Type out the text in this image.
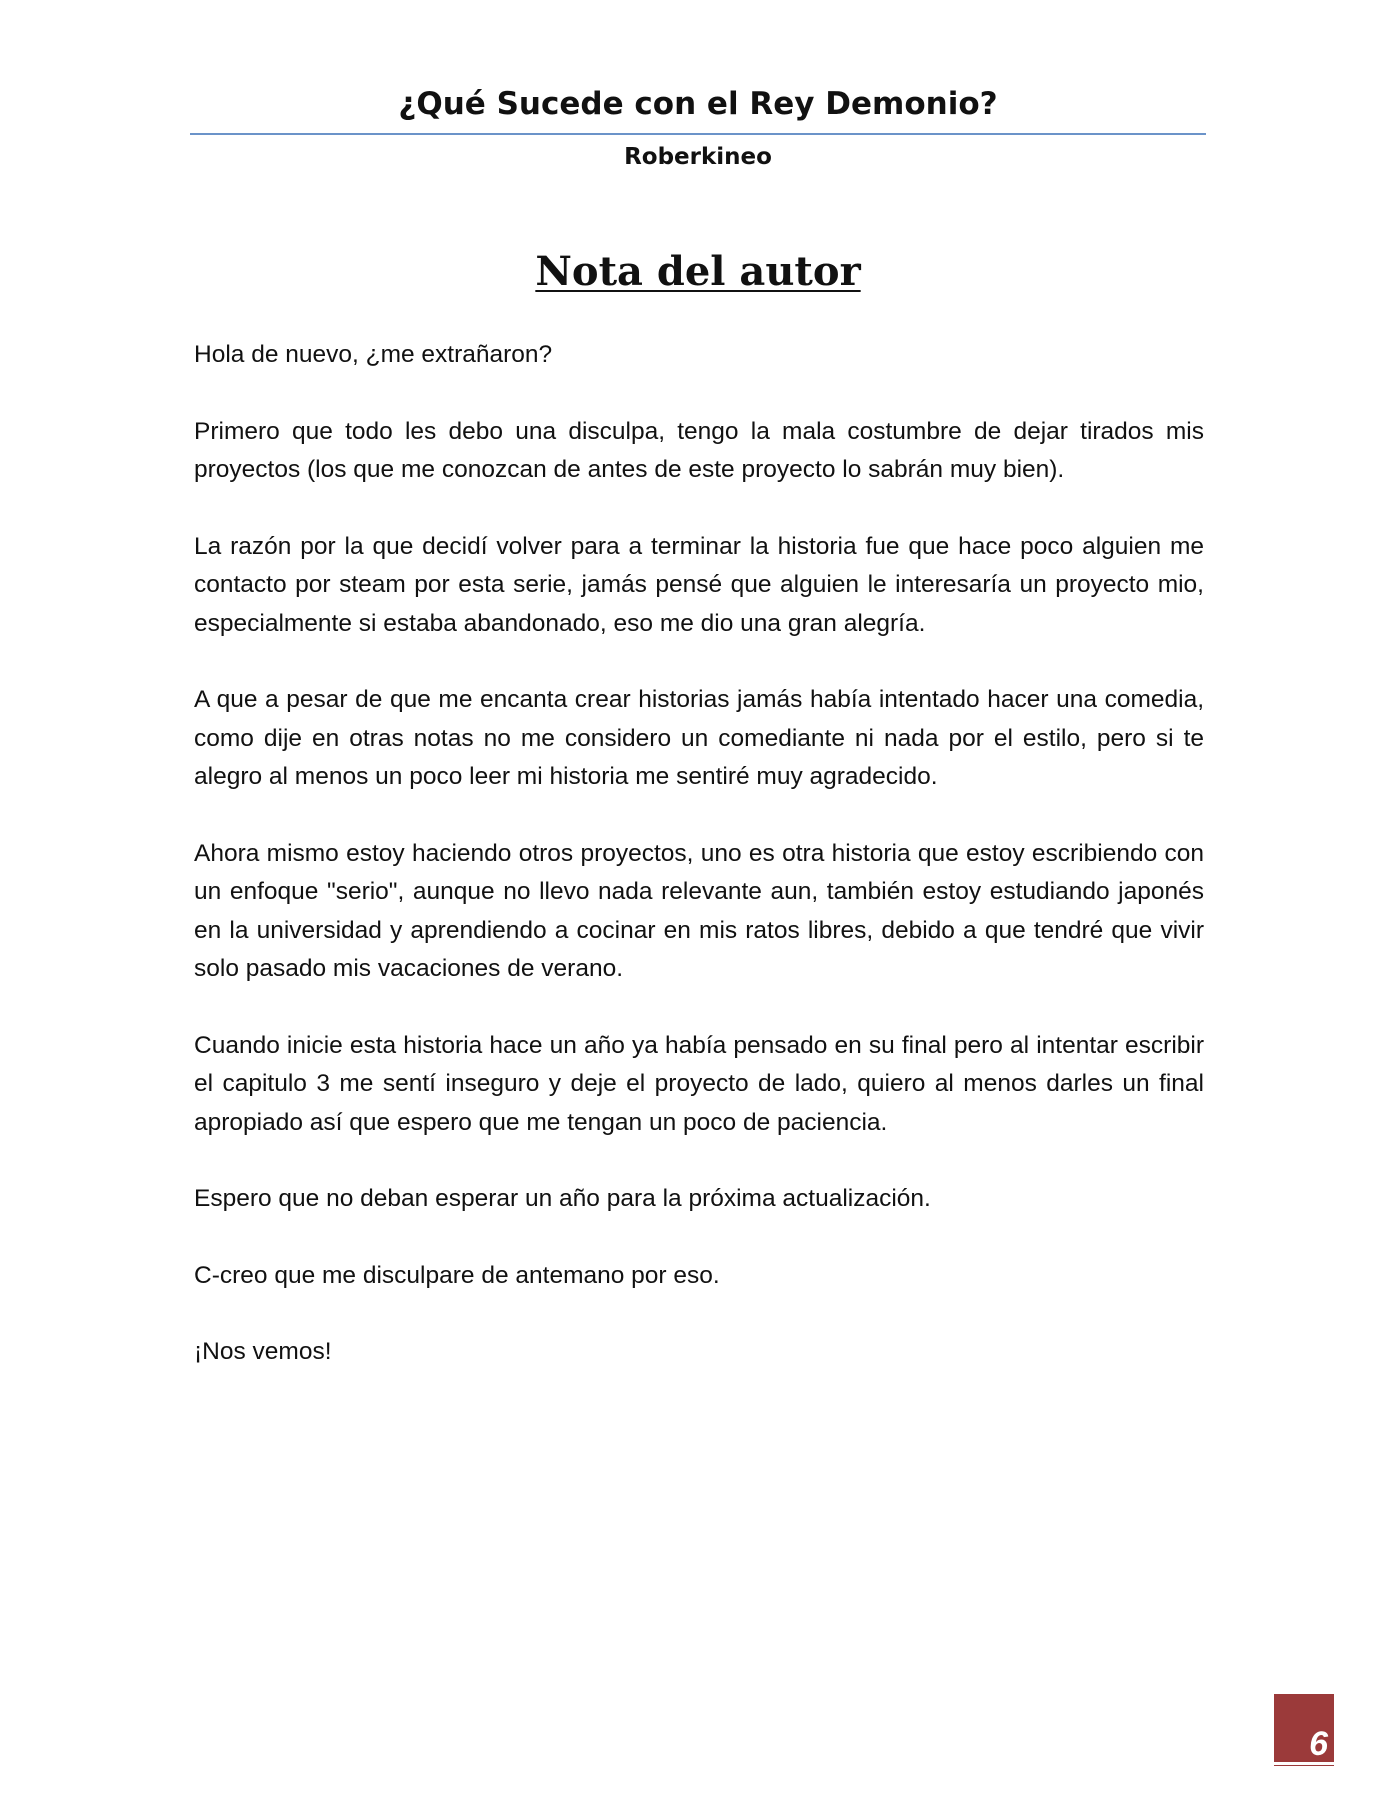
¿Qué Sucede con el Rey Demonio?
Roberkineo
Nota del autor

Hola de nuevo, ¿me extrañaron?

Primero que todo les debo una disculpa, tengo la mala costumbre de dejar tirados mis proyectos (los que me conozcan de antes de este proyecto lo sabrán muy bien).

La razón por la que decidí volver para a terminar la historia fue que hace poco alguien me contacto por steam por esta serie, jamás pensé que alguien le interesaría un proyecto mio, especialmente si estaba abandonado, eso me dio una gran alegría.

A que a pesar de que me encanta crear historias jamás había intentado hacer una comedia, como dije en otras notas no me considero un comediante ni nada por el estilo, pero si te alegro al menos un poco leer mi historia me sentiré muy agradecido.

Ahora mismo estoy haciendo otros proyectos, uno es otra historia que estoy escribiendo con un enfoque "serio", aunque no llevo nada relevante aun, también estoy estudiando japonés en la universidad y aprendiendo a cocinar en mis ratos libres, debido a que tendré que vivir solo pasado mis vacaciones de verano.

Cuando inicie esta historia hace un año ya había pensado en su final pero al intentar escribir el capitulo 3 me sentí inseguro y deje el proyecto de lado, quiero al menos darles un final apropiado así que espero que me tengan un poco de paciencia.

Espero que no deban esperar un año para la próxima actualización.

C-creo que me disculpare de antemano por eso.

¡Nos vemos!

6
